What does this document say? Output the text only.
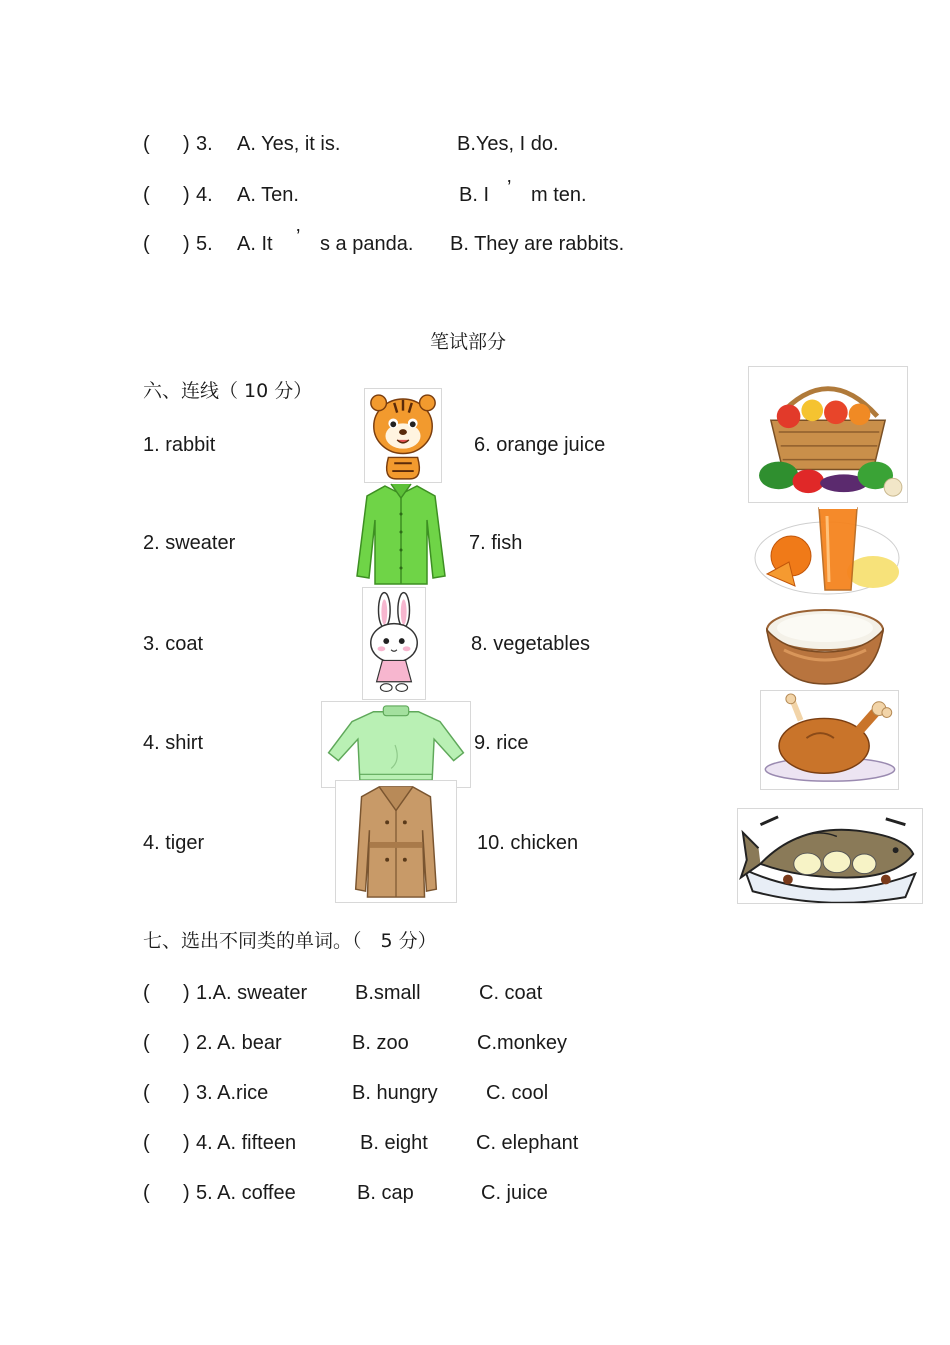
( ) 3. A. Yes, it is.	B.Yes, I do.
( ) 4. A. Ten.	B. I ’ m ten.
( ) 5. A. It ’ s a panda. B. They are rabbits.
笔试部分
六、连线（ 10 分）
1. rabbit
2. sweater
3. coat
4. shirt
4. tiger
6. orange juice
7. fish
8. vegetables
9. rice
10. chicken
七、选出不同类的单词。（　5 分）
( ) 1.A. sweater B.small	C. coat
( ) 2. A. bear	B. zoo	C.monkey
( ) 3. A.rice	B. hungry C. cool
( ) 4. A. fifteen	B. eight C. elephant
( ) 5. A. coffee	B. cap	C. juice
